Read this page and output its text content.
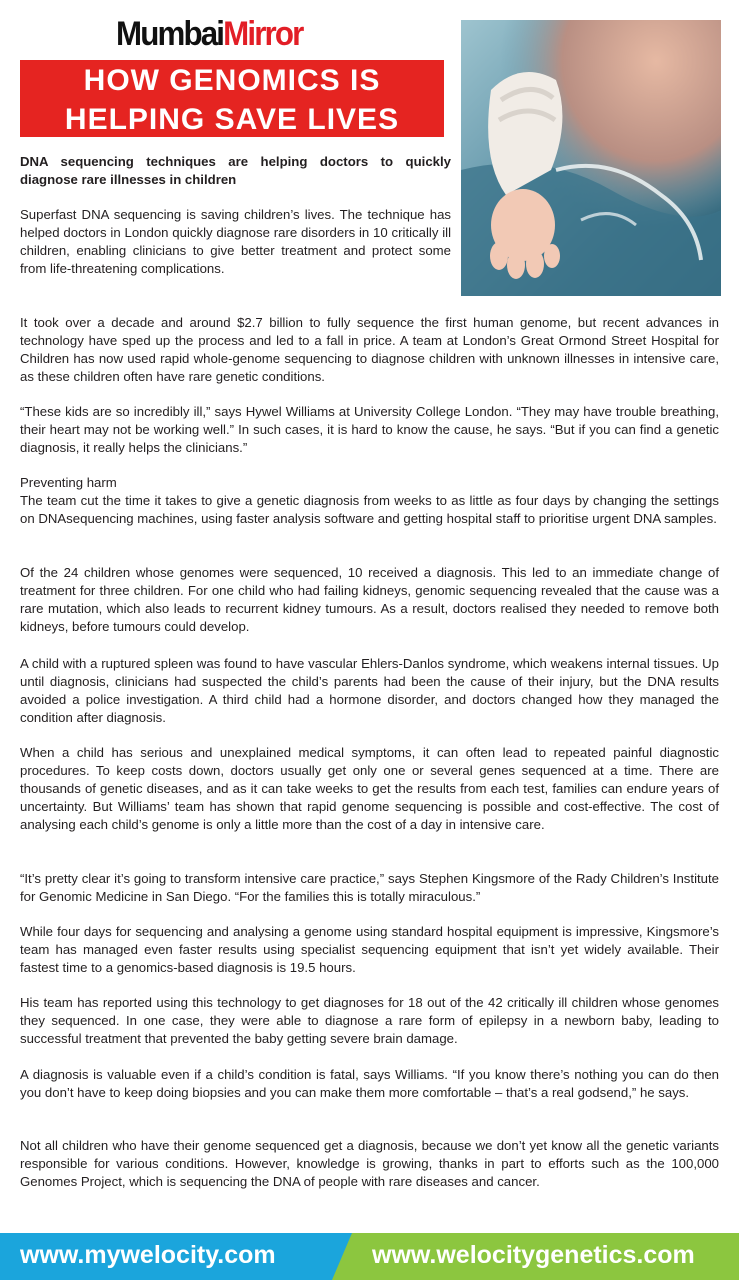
MumbaiMirror
HOW GENOMICS IS
HELPING SAVE LIVES
DNA sequencing techniques are helping doctors to quickly diagnose rare illnesses in children
Superfast DNA sequencing is saving children’s lives. The technique has helped doctors in London quickly diagnose rare disorders in 10 critically ill children, enabling clinicians to give better treatment and protect some from life-threatening complications.
It took over a decade and around $2.7 billion to fully sequence the first human genome, but recent advances in technology have sped up the process and led to a fall in price. A team at London’s Great Ormond Street Hospital for Children has now used rapid whole-genome sequencing to diagnose children with unknown illnesses in intensive care, as these children often have rare genetic conditions.
“These kids are so incredibly ill,” says Hywel Williams at University College London. “They may have trouble breathing, their heart may not be working well.” In such cases, it is hard to know the cause, he says. “But if you can find a genetic diagnosis, it really helps the clinicians.”
Preventing harm
The team cut the time it takes to give a genetic diagnosis from weeks to as little as four days by changing the settings on DNAsequencing machines, using faster analysis software and getting hospital staff to prioritise urgent DNA samples.
Of the 24 children whose genomes were sequenced, 10 received a diagnosis. This led to an immediate change of treatment for three children. For one child who had failing kidneys, genomic sequencing revealed that the cause was a rare mutation, which also leads to recurrent kidney tumours. As a result, doctors realised they needed to remove both kidneys, before tumours could develop.
A child with a ruptured spleen was found to have vascular Ehlers-Danlos syndrome, which weakens internal tissues. Up until diagnosis, clinicians had suspected the child’s parents had been the cause of their injury, but the DNA results avoided a police investigation. A third child had a hormone disorder, and doctors changed how they managed the condition after diagnosis.
When a child has serious and unexplained medical symptoms, it can often lead to repeated painful diagnostic procedures. To keep costs down, doctors usually get only one or several genes sequenced at a time. There are thousands of genetic diseases, and as it can take weeks to get the results from each test, families can endure years of uncertainty. But Williams’ team has shown that rapid genome sequencing is possible and cost-effective. The cost of analysing each child’s genome is only a little more than the cost of a day in intensive care.
“It’s pretty clear it’s going to transform intensive care practice,” says Stephen Kingsmore of the Rady Children’s Institute for Genomic Medicine in San Diego. “For the families this is totally miraculous.”
While four days for sequencing and analysing a genome using standard hospital equipment is impressive, Kingsmore’s team has managed even faster results using specialist sequencing equipment that isn’t yet widely available. Their fastest time to a genomics-based diagnosis is 19.5 hours.
His team has reported using this technology to get diagnoses for 18 out of the 42 critically ill children whose genomes they sequenced. In one case, they were able to diagnose a rare form of epilepsy in a newborn baby, leading to successful treatment that prevented the baby getting severe brain damage.
A diagnosis is valuable even if a child’s condition is fatal, says Williams. “If you know there’s nothing you can do then you don’t have to keep doing biopsies and you can make them more comfortable – that’s a real godsend,” he says.
Not all children who have their genome sequenced get a diagnosis, because we don’t yet know all the genetic variants responsible for various conditions. However, knowledge is growing, thanks in part to efforts such as the 100,000 Genomes Project, which is sequencing the DNA of people with rare diseases and cancer.
www.mywelocity.com	www.welocitygenetics.com
